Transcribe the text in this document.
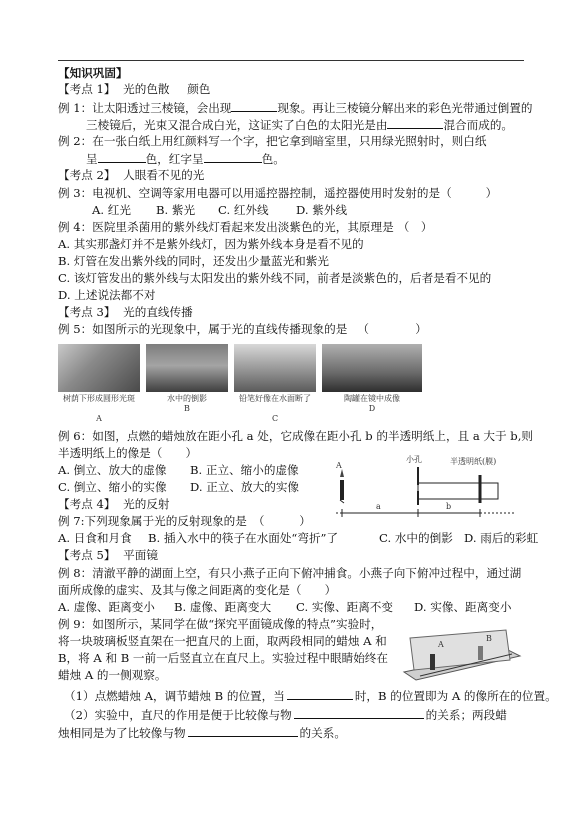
【知识巩固】
【考点 1】 光的色散 颜色
例 1：让太阳透过三棱镜，会出现	现象。再让三棱镜分解出来的彩色光带通过倒置的
三棱镜后，光束又混合成白光，这证实了白色的太阳光是由	混合而成的。
例 2：在一张白纸上用红颜料写一个字，把它拿到暗室里，只用绿光照射时，则白纸
呈	色，红字呈	色。
【考点 2】 人眼看不见的光
例 3：电视机、空调等家用电器可以用遥控器控制，遥控器使用时发射的是（	）
A. 红光 B. 紫光 C. 红外线 D. 紫外线
例 4：医院里杀菌用的紫外线灯看起来发出淡紫色的光，其原理是 （　）
A. 其实那盏灯并不是紫外线灯，因为紫外线本身是看不见的
B. 灯管在发出紫外线的同时，还发出少量蓝光和紫光
C. 该灯管发出的紫外线与太阳发出的紫外线不同，前者是淡紫色的，后者是看不见的
D. 上述说法都不对
【考点 3】 光的直线传播
例 5：如图所示的光现象中，属于光的直线传播现象的是 （　　　　）
树荫下形成圆形光斑
A
水中的倒影
B
铅笔好像在水面断了
C
陶罐在镜中成像
D
例 6：如图，点燃的蜡烛放在距小孔 a 处，它成像在距小孔 b 的半透明纸上，且 a 大于 b,则
半透明纸上的像是（　　）
A. 倒立、放大的虚像 B. 正立、缩小的虚像
C. 倒立、缩小的实像 D. 正立、放大的实像
A
小孔	半透明纸(膜)
a	b
【考点 4】 光的反射
例 7:下列现象属于光的反射现象的是 （　　　）
A. 日食和月食 B. 插入水中的筷子在水面处“弯折”了	C. 水中的倒影 D. 雨后的彩虹
【考点 5】 平面镜
例 8：清澈平静的湖面上空，有只小燕子正向下俯冲捕食。小燕子向下俯冲过程中，通过湖
面所成像的虚实、及其与像之间距离的变化是（　　）
A. 虚像、距离变小 B. 虚像、距离变大 C. 实像、距离不变 D. 实像、距离变小
例 9：如图所示，某同学在做“探究平面镜成像的特点”实验时，
将一块玻璃板竖直架在一把直尺的上面，取两段相同的蜡烛 A 和
B，将 A 和 B 一前一后竖直立在直尺上。实验过程中眼睛始终在
蜡烛 A 的一侧观察。
A
B
（1）点燃蜡烛 A，调节蜡烛 B 的位置，当	时，B 的位置即为 A 的像所在的位置。
（2）实验中，直尺的作用是便于比较像与物	的关系；两段蜡
烛相同是为了比较像与物	的关系。
